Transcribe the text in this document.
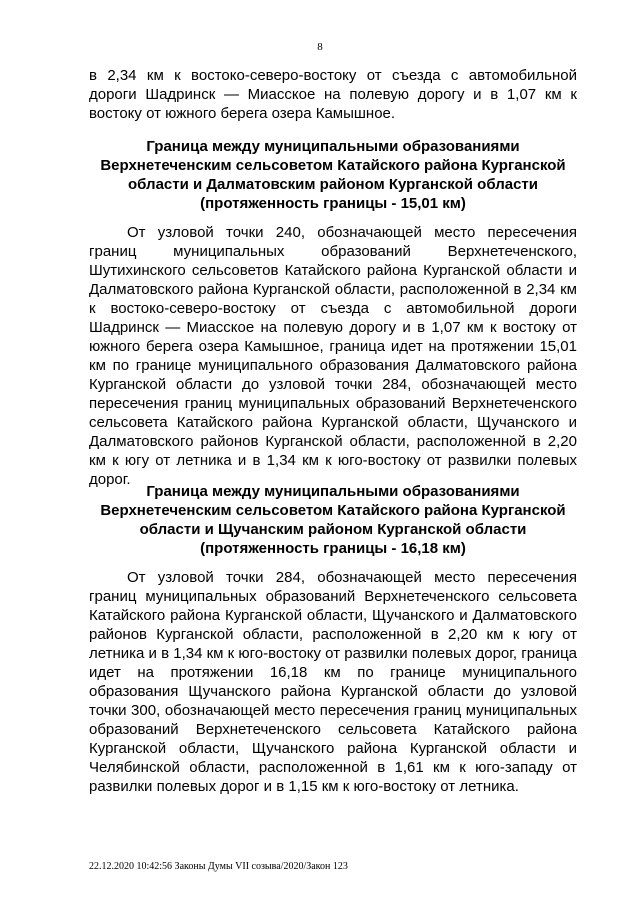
8
в 2,34 км к востоко-северо-востоку от съезда с автомобильной дороги Шадринск — Миасское на полевую дорогу и в 1,07 км к востоку от южного берега озера Камышное.
Граница между муниципальными образованиями
Верхнетеченским сельсоветом Катайского района Курганской
области и Далматовским районом Курганской области
(протяженность границы - 15,01 км)
От узловой точки 240, обозначающей место пересечения границ муниципальных образований Верхнетеченского, Шутихинского сельсоветов Катайского района Курганской области и Далматовского района Курганской области, расположенной в 2,34 км к востоко-северо-востоку от съезда с автомобильной дороги Шадринск — Миасское на полевую дорогу и в 1,07 км к востоку от южного берега озера Камышное, граница идет на протяжении 15,01 км по границе муниципального образования Далматовского района Курганской области до узловой точки 284, обозначающей место пересечения границ муниципальных образований Верхнетеченского сельсовета Катайского района Курганской области, Щучанского и Далматовского районов Курганской области, расположенной в 2,20 км к югу от летника и в 1,34 км к юго-востоку от развилки полевых дорог.
Граница между муниципальными образованиями
Верхнетеченским сельсоветом Катайского района Курганской
области и Щучанским районом Курганской области
(протяженность границы - 16,18 км)
От узловой точки 284, обозначающей место пересечения границ муниципальных образований Верхнетеченского сельсовета Катайского района Курганской области, Щучанского и Далматовского районов Курганской области, расположенной в 2,20 км к югу от летника и в 1,34 км к юго-востоку от развилки полевых дорог, граница идет на протяжении 16,18 км по границе муниципального образования Щучанского района Курганской области до узловой точки 300, обозначающей место пересечения границ муниципальных образований Верхнетеченского сельсовета Катайского района Курганской области, Щучанского района Курганской области и Челябинской области, расположенной в 1,61 км к юго-западу от развилки полевых дорог и в 1,15 км к юго-востоку от летника.
22.12.2020 10:42:56 Законы Думы VII созыва/2020/Закон 123
